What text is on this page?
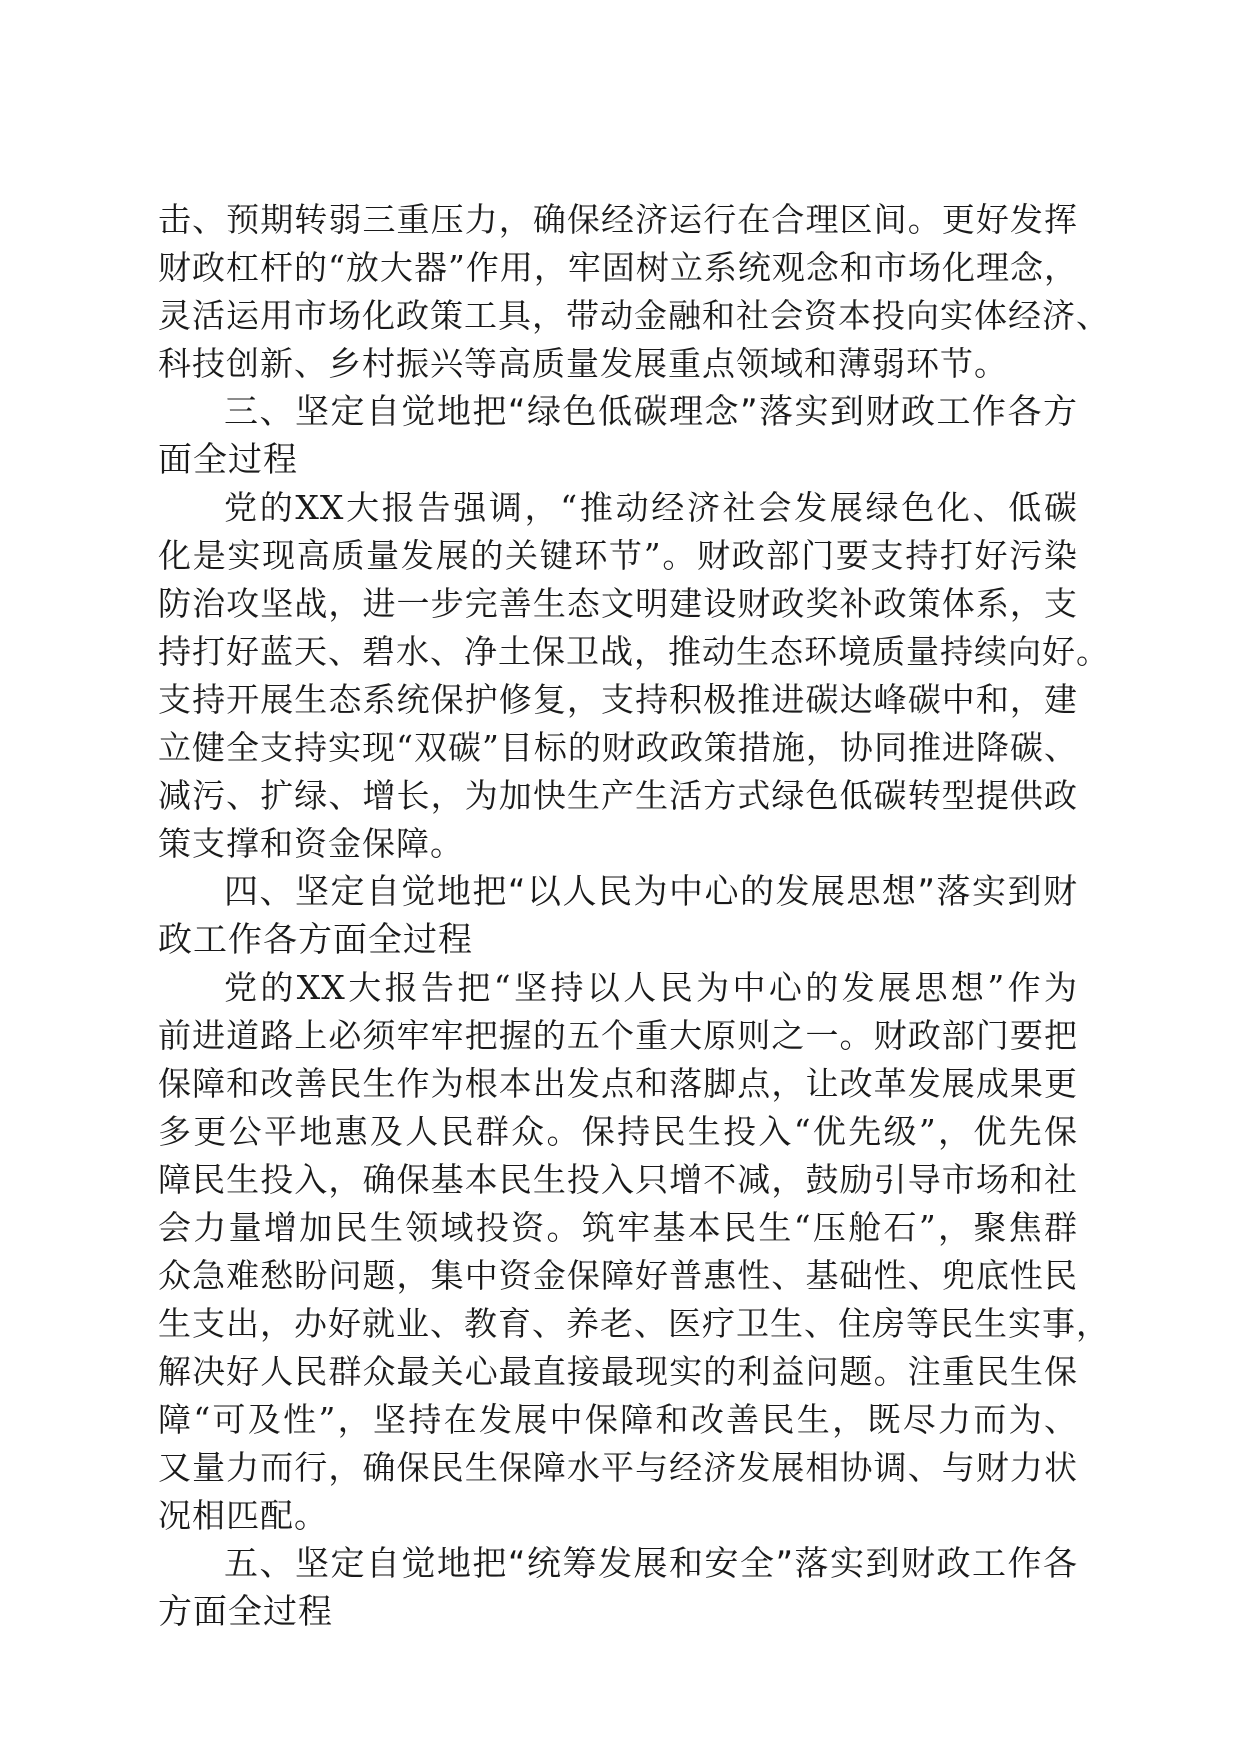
击、预期转弱三重压力，确保经济运行在合理区间。更好发挥
财政杠杆的“放大器”作用，牢固树立系统观念和市场化理念，
灵活运用市场化政策工具，带动金融和社会资本投向实体经济、
科技创新、乡村振兴等高质量发展重点领域和薄弱环节。
三、坚定自觉地把“绿色低碳理念”落实到财政工作各方
面全过程
党的XX大报告强调，“推动经济社会发展绿色化、低碳
化是实现高质量发展的关键环节”。财政部门要支持打好污染
防治攻坚战，进一步完善生态文明建设财政奖补政策体系，支
持打好蓝天、碧水、净土保卫战，推动生态环境质量持续向好。
支持开展生态系统保护修复，支持积极推进碳达峰碳中和，建
立健全支持实现“双碳”目标的财政政策措施，协同推进降碳、
减污、扩绿、增长，为加快生产生活方式绿色低碳转型提供政
策支撑和资金保障。
四、坚定自觉地把“以人民为中心的发展思想”落实到财
政工作各方面全过程
党的XX大报告把“坚持以人民为中心的发展思想”作为
前进道路上必须牢牢把握的五个重大原则之一。财政部门要把
保障和改善民生作为根本出发点和落脚点，让改革发展成果更
多更公平地惠及人民群众。保持民生投入“优先级”，优先保
障民生投入，确保基本民生投入只增不减，鼓励引导市场和社
会力量增加民生领域投资。筑牢基本民生“压舱石”，聚焦群
众急难愁盼问题，集中资金保障好普惠性、基础性、兜底性民
生支出，办好就业、教育、养老、医疗卫生、住房等民生实事，
解决好人民群众最关心最直接最现实的利益问题。注重民生保
障“可及性”，坚持在发展中保障和改善民生，既尽力而为、
又量力而行，确保民生保障水平与经济发展相协调、与财力状
况相匹配。
五、坚定自觉地把“统筹发展和安全”落实到财政工作各
方面全过程
